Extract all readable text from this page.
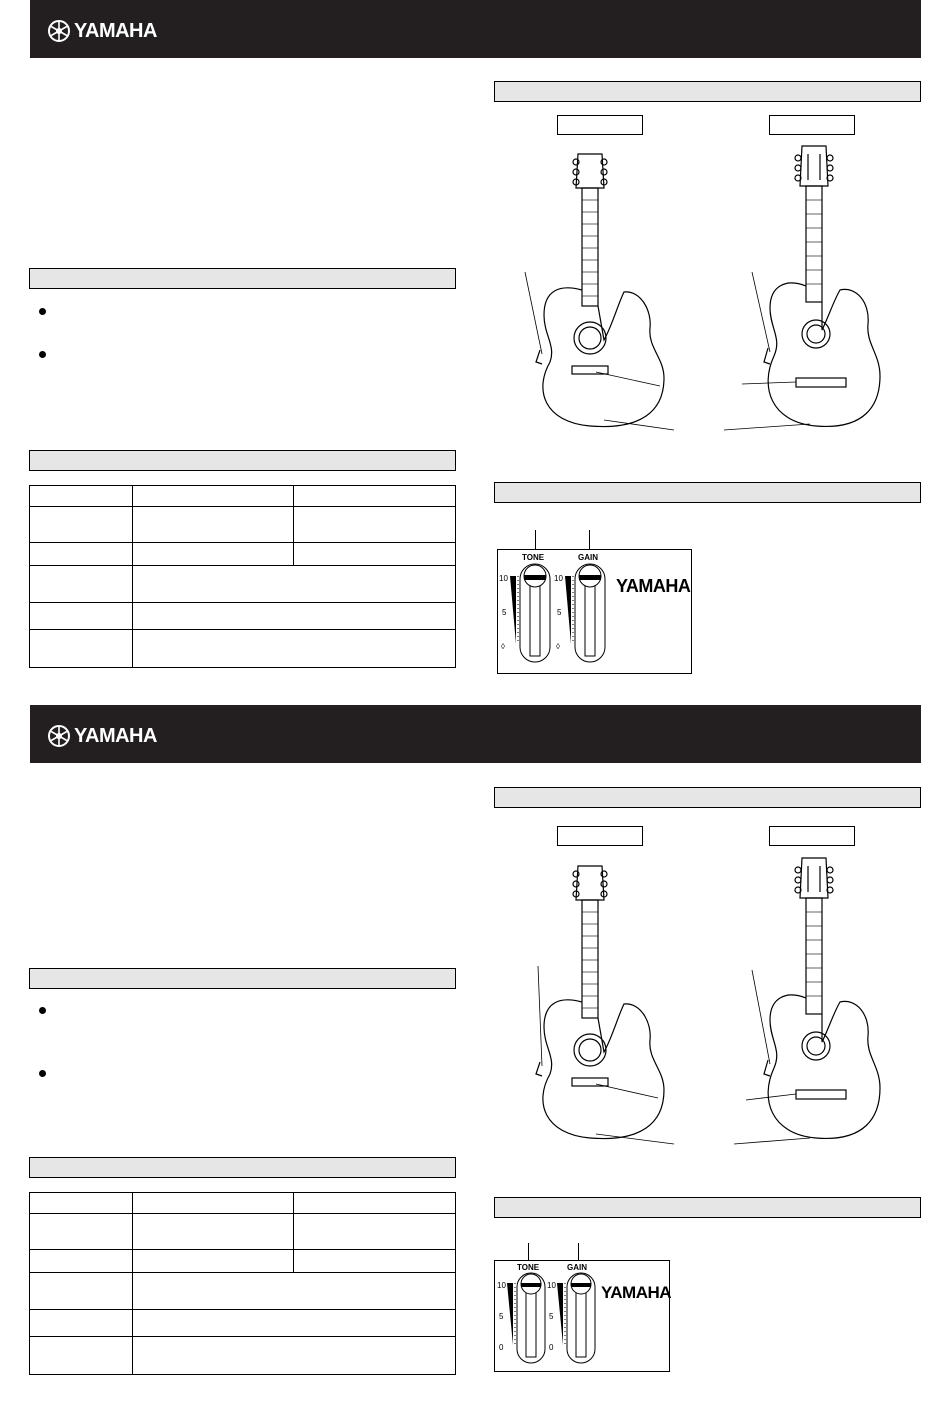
YAMAHA

TONE	GAIN
10
5
◊
10
5
◊
YAMAHA
YAMAHA

TONE	GAIN
10
5
0
10
5
0
YAMAHA
